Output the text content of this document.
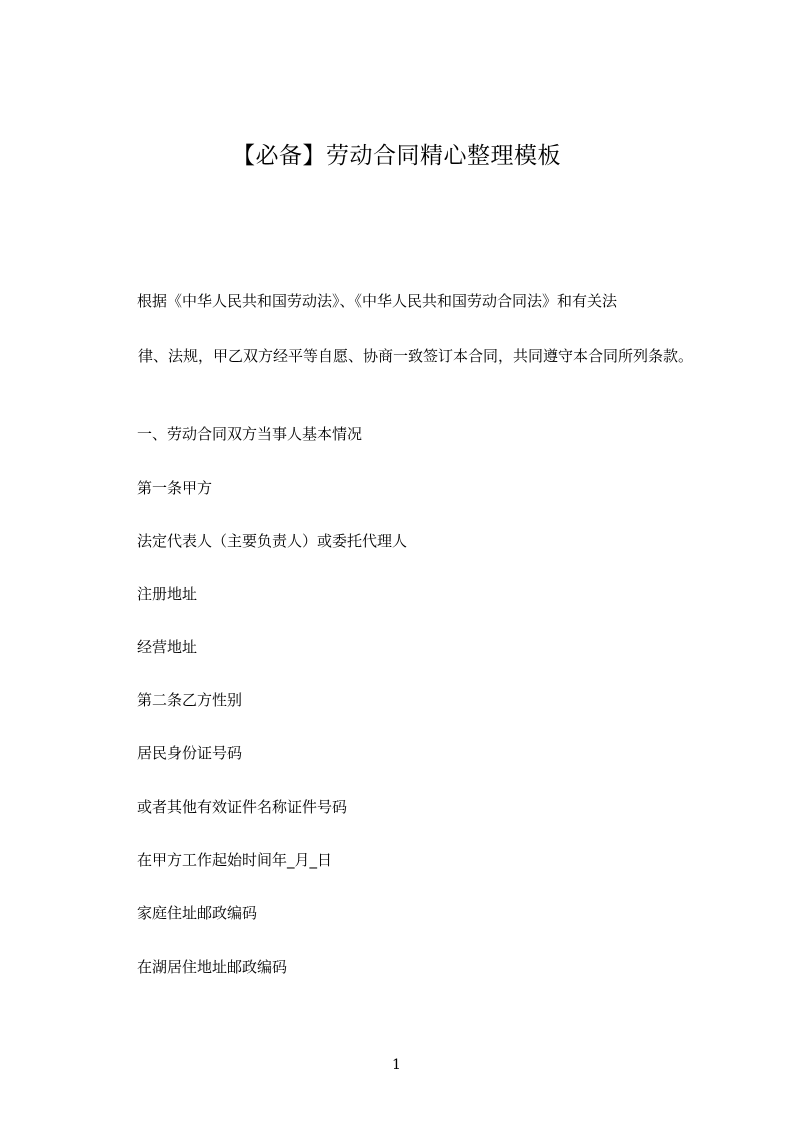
【必备】劳动合同精心整理模板
根据《中华人民共和国劳动法》、《中华人民共和国劳动合同法》和有关法
律、法规，甲乙双方经平等自愿、协商一致签订本合同，共同遵守本合同所列条款。
一、劳动合同双方当事人基本情况
第一条甲方
法定代表人（主要负责人）或委托代理人
注册地址
经营地址
第二条乙方性别
居民身份证号码
或者其他有效证件名称证件号码
在甲方工作起始时间年_月_日
家庭住址邮政编码
在湖居住地址邮政编码
1
